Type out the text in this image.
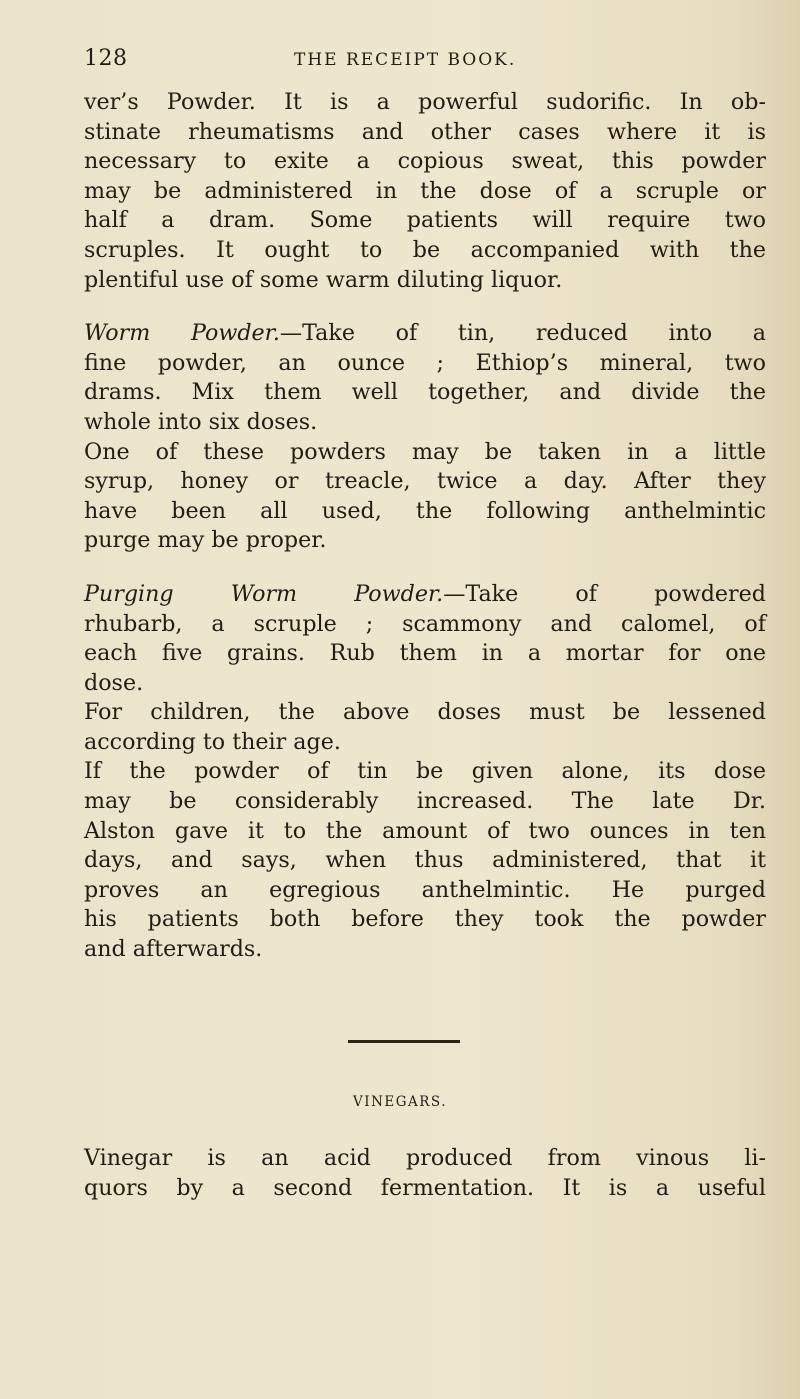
128	THE RECEIPT BOOK.
ver’s Powder. It is a powerful sudorific. In ob-
stinate rheumatisms and other cases where it is
necessary to exite a copious sweat, this powder
may be administered in the dose of a scruple or
half a dram. Some patients will require two
scruples. It ought to be accompanied with the
plentiful use of some warm diluting liquor.
Worm Powder.—Take of tin, reduced into a
fine powder, an ounce ; Ethiop’s mineral, two
drams. Mix them well together, and divide the
whole into six doses.
One of these powders may be taken in a little
syrup, honey or treacle, twice a day. After they
have been all used, the following anthelmintic
purge may be proper.
Purging Worm Powder.—Take of powdered
rhubarb, a scruple ; scammony and calomel, of
each five grains. Rub them in a mortar for one
dose.
For children, the above doses must be lessened
according to their age.
If the powder of tin be given alone, its dose
may be considerably increased. The late Dr.
Alston gave it to the amount of two ounces in ten
days, and says, when thus administered, that it
proves an egregious anthelmintic. He purged
his patients both before they took the powder
and afterwards.
VINEGARS.
Vinegar is an acid produced from vinous li-
quors by a second fermentation. It is a useful
